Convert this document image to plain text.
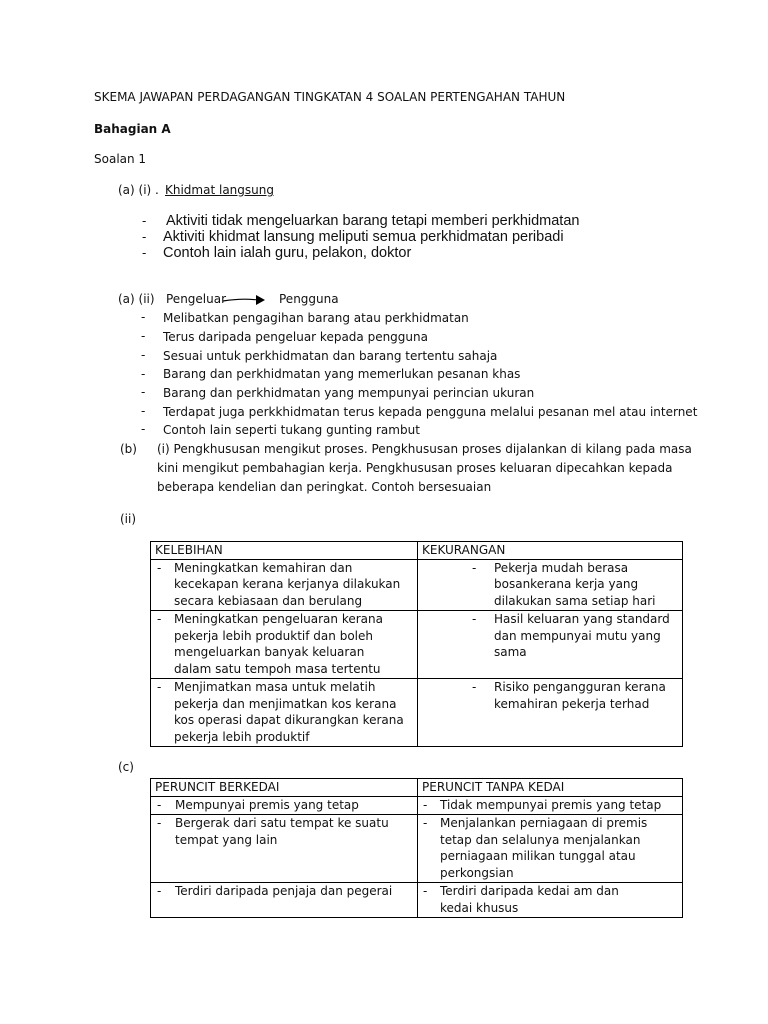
SKEMA JAWAPAN PERDAGANGAN TINGKATAN 4 SOALAN PERTENGAHAN TAHUN
Bahagian A
Soalan 1
(a) (i) . Khidmat langsung
- Aktiviti tidak mengeluarkan barang tetapi memberi perkhidmatan
- Aktiviti khidmat lansung meliputi semua perkhidmatan peribadi
- Contoh lain ialah guru, pelakon, doktor
(a) (ii) Pengeluar	Pengguna
- Melibatkan pengagihan barang atau perkhidmatan
- Terus daripada pengeluar kepada pengguna
- Sesuai untuk perkhidmatan dan barang tertentu sahaja
- Barang dan perkhidmatan yang memerlukan pesanan khas
- Barang dan perkhidmatan yang mempunyai perincian ukuran
- Terdapat juga perkkhidmatan terus kepada pengguna melalui pesanan mel atau internet
- Contoh lain seperti tukang gunting rambut
(b) (i) Pengkhususan mengikut proses. Pengkhususan proses dijalankan di kilang pada masa
kini mengikut pembahagian kerja. Pengkhususan proses keluaran dipecahkan kepada
beberapa kendelian dan peringkat. Contoh bersesuaian
(ii)
KELEBIHAN	KEKURANGAN

- Meningkatkan kemahiran dan kecekapan kerana kerjanya dilakukan secara kebiasaan dan berulang	- Pekerja mudah berasa bosankerana kerja yang dilakukan sama setiap hari

- Meningkatkan pengeluaran kerana pekerja lebih produktif dan boleh mengeluarkan banyak keluaran dalam satu tempoh masa tertentu	- Hasil keluaran yang standard dan mempunyai mutu yang sama

- Menjimatkan masa untuk melatih pekerja dan menjimatkan kos kerana kos operasi dapat dikurangkan kerana pekerja lebih produktif	- Risiko pengangguran kerana kemahiran pekerja terhad
(c)
PERUNCIT BERKEDAI	PERUNCIT TANPA KEDAI

- Mempunyai premis yang tetap	- Tidak mempunyai premis yang tetap

- Bergerak dari satu tempat ke suatu tempat yang lain	- Menjalankan perniagaan di premis tetap dan selalunya menjalankan perniagaan milikan tunggal atau perkongsian

- Terdiri daripada penjaja dan pegerai	- Terdiri daripada kedai am dan kedai khusus
